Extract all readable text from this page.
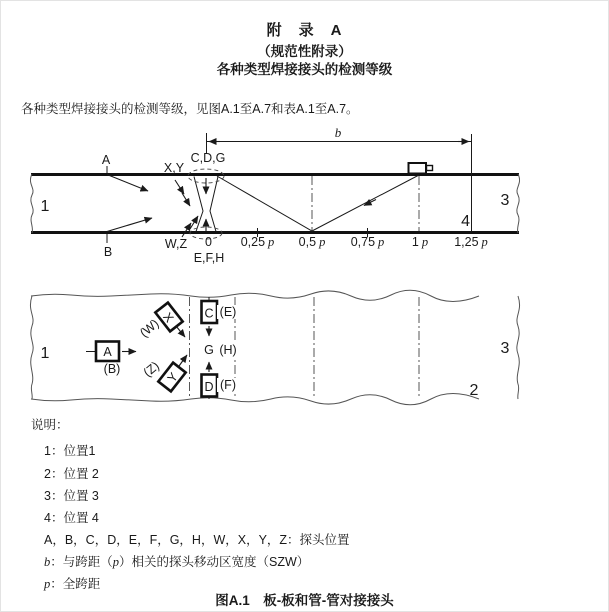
附　录　A
（规范性附录）
各种类型焊接接头的检测等级
各种类型焊接接头的检测等级，见图A.1至A.7和表A.1至A.7。
b
1	3
4
A
B
X,Y
W,Z
C,D,G
E,F,H
0 0,25 p 0,5 p 0,75 p 1 p 1,25 p
A
(B)
X
(W)
Y
(Z)
C
G
D
(E)
(H)
(F)
1	3
2
说明：
1：位置1
2：位置 2
3：位置 3
4：位置 4
A，B，C，D，E，F，G，H，W，X，Y，Z：探头位置
b：与跨距（p）相关的探头移动区宽度（SZW）
p：全跨距
图A.1　板-板和管-管对接接头
